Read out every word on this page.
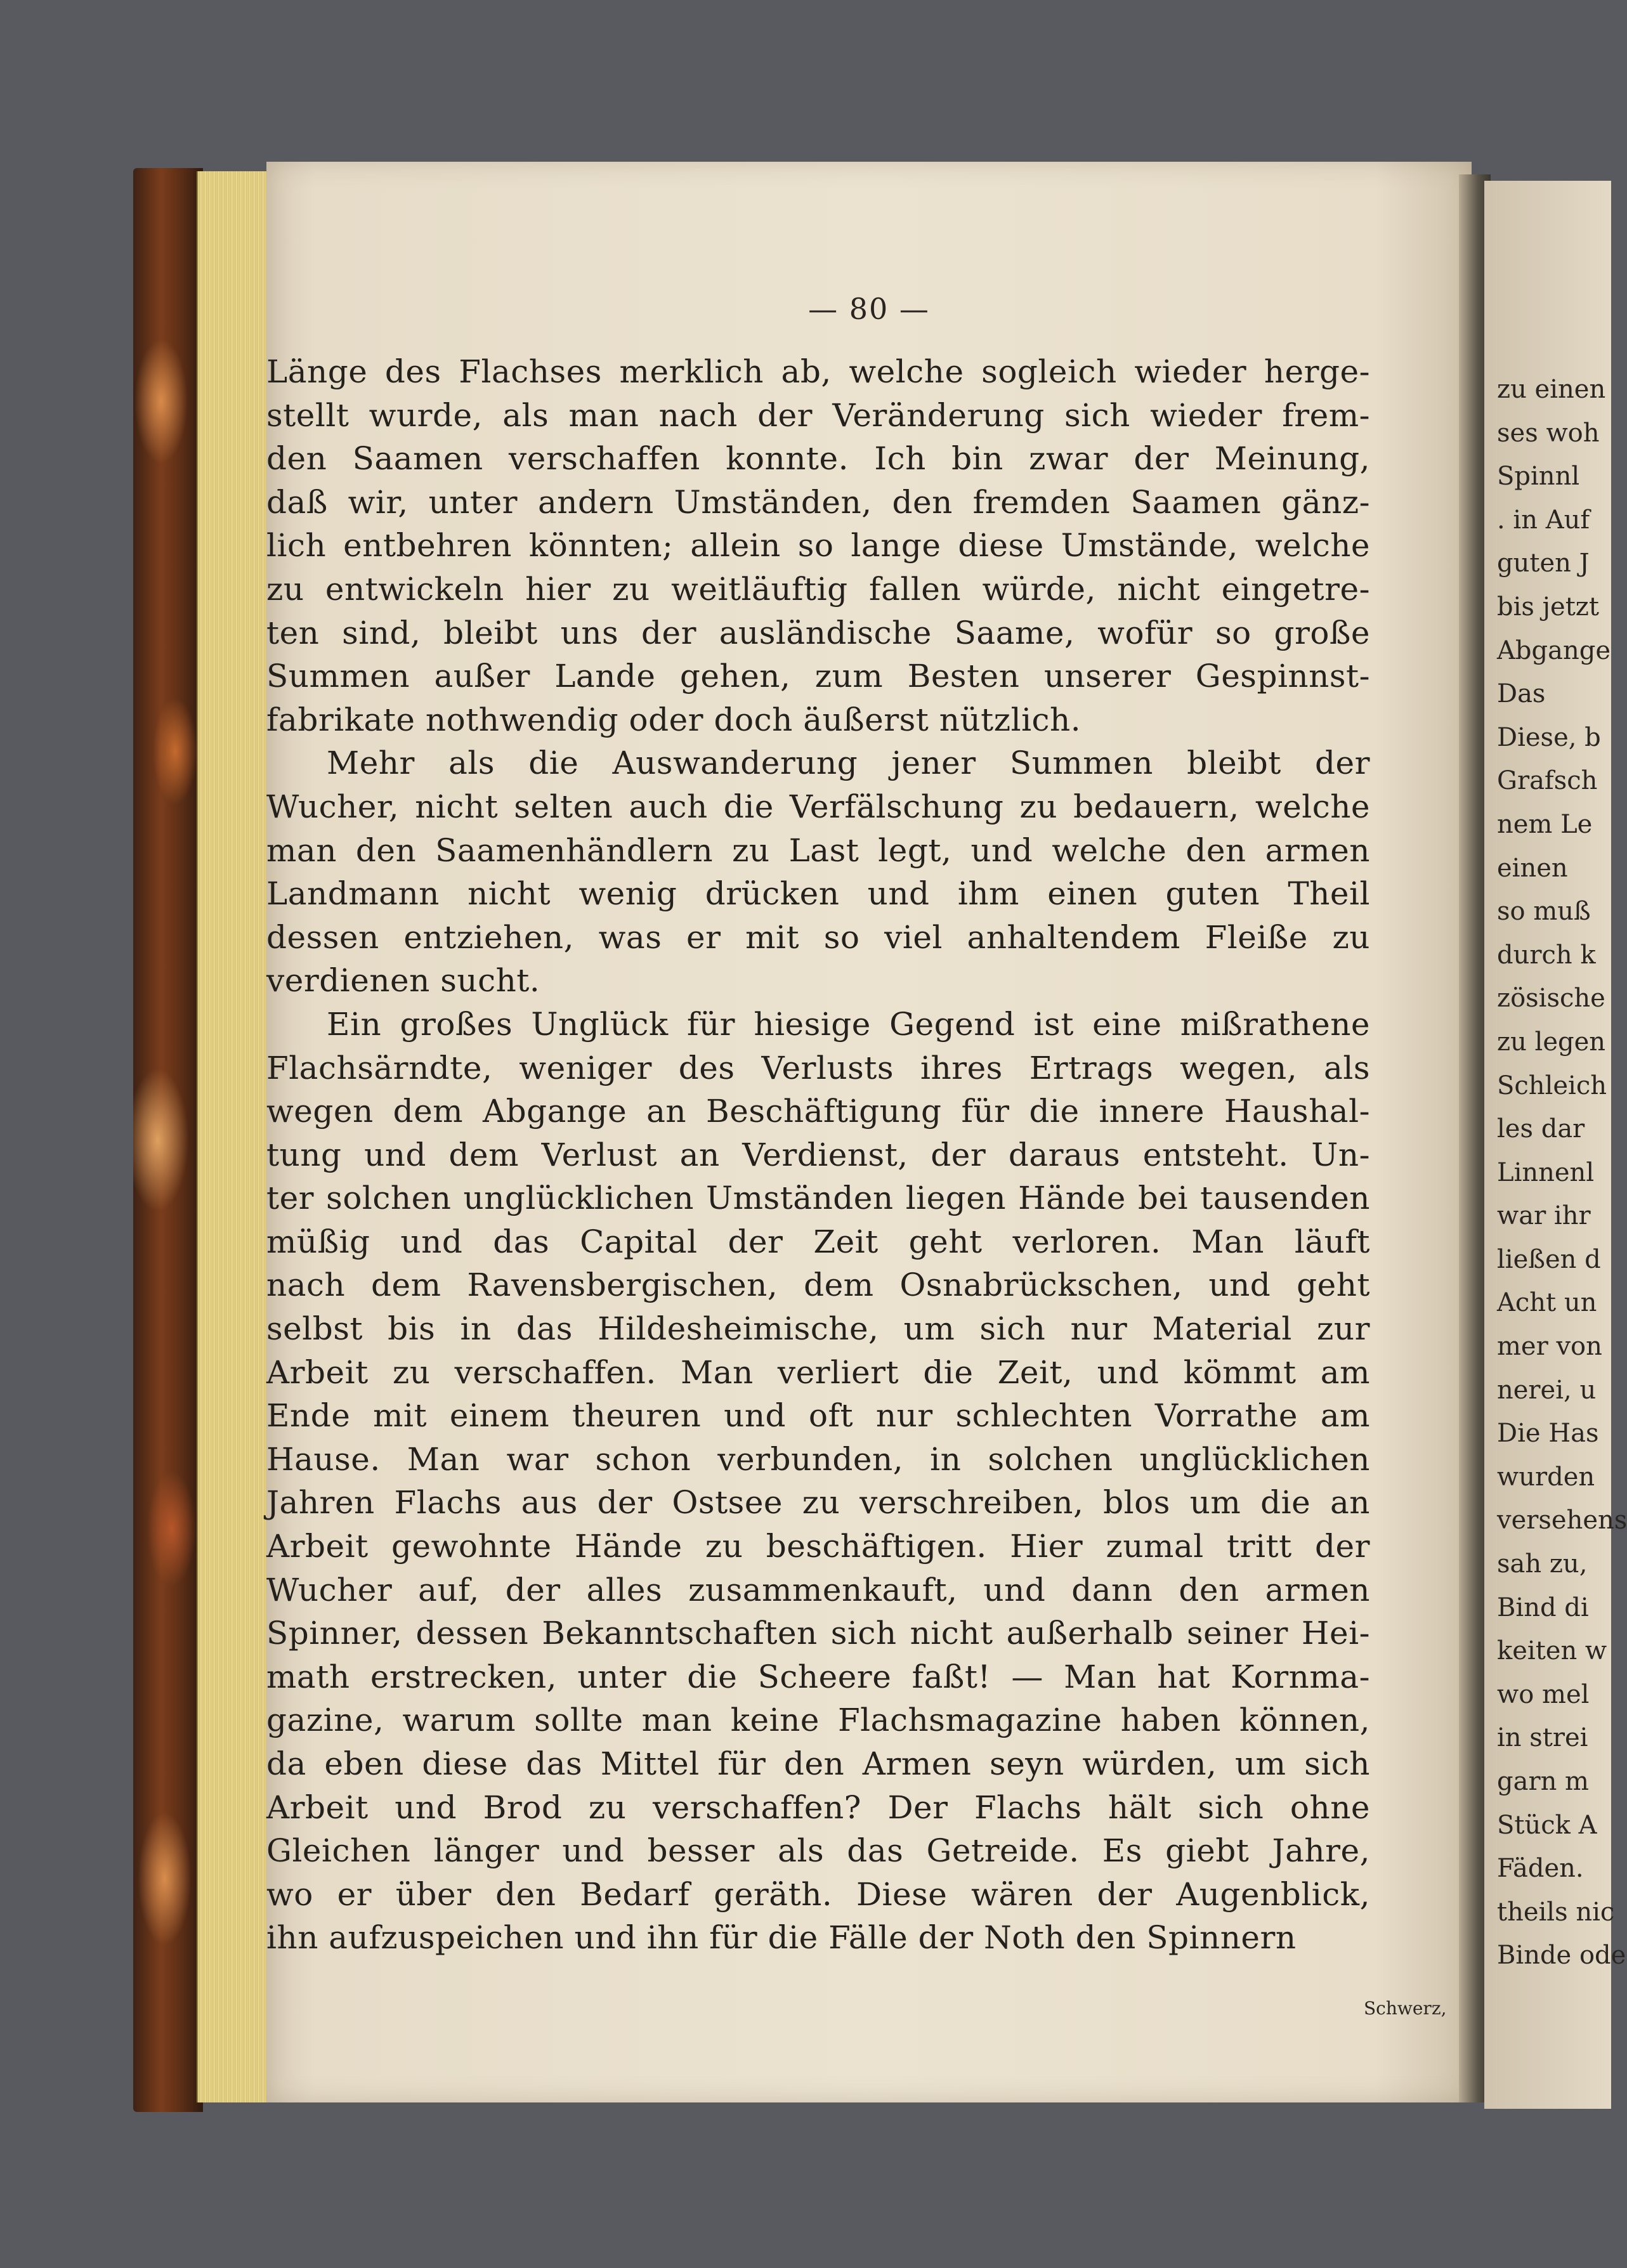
— 80 —
zu einen
ses woh
Spinnl
. in Auf
guten J
bis jetzt
Abgange
Das
Diese, b
Grafsch
nem Le
einen
so muß
durch k
zösische
zu legen
Schleich
les dar
Linnenl
war ihr
ließen d
Acht un
mer von
nerei, u
Die Has
wurden
versehens
sah zu,
Bind di
keiten w
wo mel
in strei
garn m
Stück A
Fäden.
theils nic
Binde ode
Länge des Flachses merklich ab, welche sogleich wieder herge-
stellt wurde, als man nach der Veränderung sich wieder frem-
den Saamen verschaffen konnte. Ich bin zwar der Meinung,
daß wir, unter andern Umständen, den fremden Saamen gänz-
lich entbehren könnten; allein so lange diese Umstände, welche
zu entwickeln hier zu weitläuftig fallen würde, nicht eingetre-
ten sind, bleibt uns der ausländische Saame, wofür so große
Summen außer Lande gehen, zum Besten unserer Gespinnst-
fabrikate nothwendig oder doch äußerst nützlich.
Mehr als die Auswanderung jener Summen bleibt der
Wucher, nicht selten auch die Verfälschung zu bedauern, welche
man den Saamenhändlern zu Last legt, und welche den armen
Landmann nicht wenig drücken und ihm einen guten Theil
dessen entziehen, was er mit so viel anhaltendem Fleiße zu
verdienen sucht.
Ein großes Unglück für hiesige Gegend ist eine mißrathene
Flachsärndte, weniger des Verlusts ihres Ertrags wegen, als
wegen dem Abgange an Beschäftigung für die innere Haushal-
tung und dem Verlust an Verdienst, der daraus entsteht. Un-
ter solchen unglücklichen Umständen liegen Hände bei tausenden
müßig und das Capital der Zeit geht verloren. Man läuft
nach dem Ravensbergischen, dem Osnabrückschen, und geht
selbst bis in das Hildesheimische, um sich nur Material zur
Arbeit zu verschaffen. Man verliert die Zeit, und kömmt am
Ende mit einem theuren und oft nur schlechten Vorrathe am
Hause. Man war schon verbunden, in solchen unglücklichen
Jahren Flachs aus der Ostsee zu verschreiben, blos um die an
Arbeit gewohnte Hände zu beschäftigen. Hier zumal tritt der
Wucher auf, der alles zusammenkauft, und dann den armen
Spinner, dessen Bekanntschaften sich nicht außerhalb seiner Hei-
math erstrecken, unter die Scheere faßt! — Man hat Kornma-
gazine, warum sollte man keine Flachsmagazine haben können,
da eben diese das Mittel für den Armen seyn würden, um sich
Arbeit und Brod zu verschaffen? Der Flachs hält sich ohne
Gleichen länger und besser als das Getreide. Es giebt Jahre,
wo er über den Bedarf geräth. Diese wären der Augenblick,
ihn aufzuspeichen und ihn für die Fälle der Noth den Spinnern
Schwerz,
